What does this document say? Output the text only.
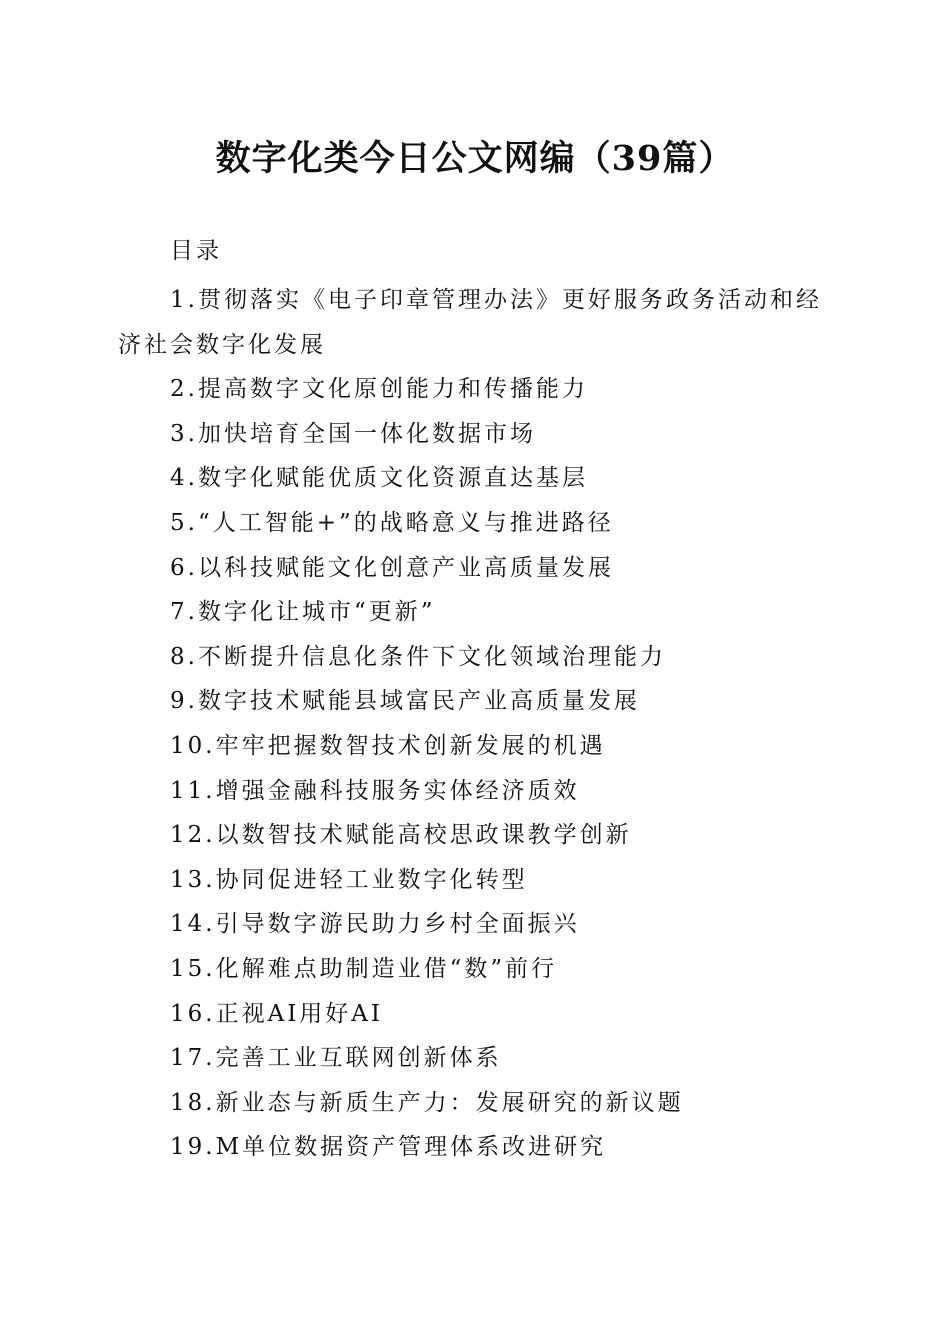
数字化类今日公文网编（39篇）

目录

1.贯彻落实《电子印章管理办法》更好服务政务活动和经济社会数字化发展
2.提高数字文化原创能力和传播能力
3.加快培育全国一体化数据市场
4.数字化赋能优质文化资源直达基层
5.“人工智能+”的战略意义与推进路径
6.以科技赋能文化创意产业高质量发展
7.数字化让城市“更新”
8.不断提升信息化条件下文化领域治理能力
9.数字技术赋能县域富民产业高质量发展
10.牢牢把握数智技术创新发展的机遇
11.增强金融科技服务实体经济质效
12.以数智技术赋能高校思政课教学创新
13.协同促进轻工业数字化转型
14.引导数字游民助力乡村全面振兴
15.化解难点助制造业借“数”前行
16.正视AI用好AI
17.完善工业互联网创新体系
18.新业态与新质生产力：发展研究的新议题
19.M单位数据资产管理体系改进研究
